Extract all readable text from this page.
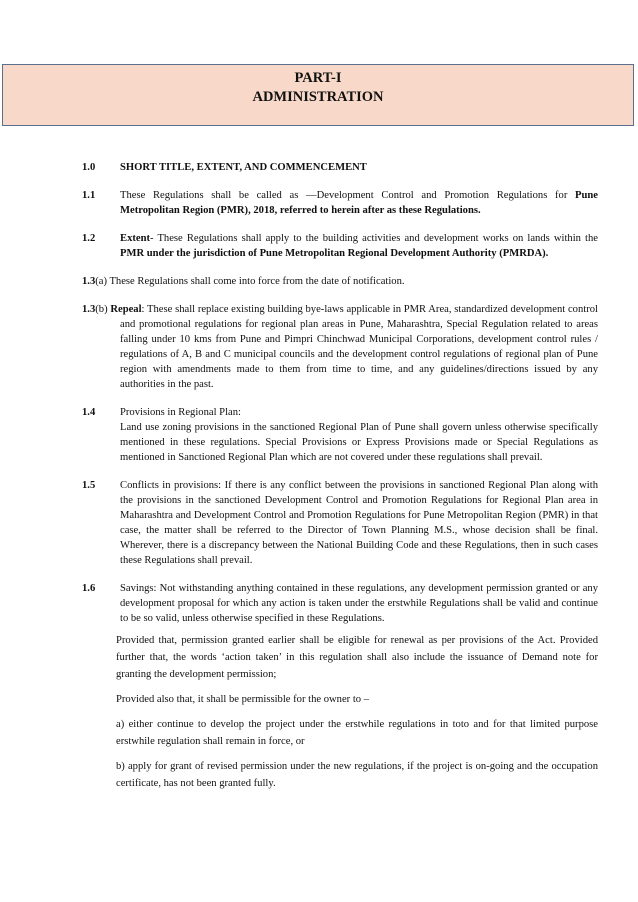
PART-I
ADMINISTRATION
1.0 SHORT TITLE, EXTENT, AND COMMENCEMENT
1.1 These Regulations shall be called as ―Development Control and Promotion Regulations for Pune Metropolitan Region (PMR), 2018, referred to herein after as these Regulations.
1.2 Extent- These Regulations shall apply to the building activities and development works on lands within the PMR under the jurisdiction of Pune Metropolitan Regional Development Authority (PMRDA).
1.3(a) These Regulations shall come into force from the date of notification.
1.3(b) Repeal: These shall replace existing building bye-laws applicable in PMR Area, standardized development control and promotional regulations for regional plan areas in Pune, Maharashtra, Special Regulation related to areas falling under 10 kms from Pune and Pimpri Chinchwad Municipal Corporations, development control rules / regulations of A, B and C municipal councils and the development control regulations of regional plan of Pune region with amendments made to them from time to time, and any guidelines/directions issued by any authorities in the past.
1.4 Provisions in Regional Plan:
Land use zoning provisions in the sanctioned Regional Plan of Pune shall govern unless otherwise specifically mentioned in these regulations. Special Provisions or Express Provisions made or Special Regulations as mentioned in Sanctioned Regional Plan which are not covered under these regulations shall prevail.
1.5 Conflicts in provisions: If there is any conflict between the provisions in sanctioned Regional Plan along with the provisions in the sanctioned Development Control and Promotion Regulations for Regional Plan area in Maharashtra and Development Control and Promotion Regulations for Pune Metropolitan Region (PMR) in that case, the matter shall be referred to the Director of Town Planning M.S., whose decision shall be final. Wherever, there is a discrepancy between the National Building Code and these Regulations, then in such cases these Regulations shall prevail.
1.6 Savings: Not withstanding anything contained in these regulations, any development permission granted or any development proposal for which any action is taken under the erstwhile Regulations shall be valid and continue to be so valid, unless otherwise specified in these Regulations.
Provided that, permission granted earlier shall be eligible for renewal as per provisions of the Act. Provided further that, the words ʻaction taken’ in this regulation shall also include the issuance of Demand note for granting the development permission;
Provided also that, it shall be permissible for the owner to –
a) either continue to develop the project under the erstwhile regulations in toto and for that limited purpose erstwhile regulation shall remain in force, or
b) apply for grant of revised permission under the new regulations, if the project is on-going and the occupation certificate, has not been granted fully.
